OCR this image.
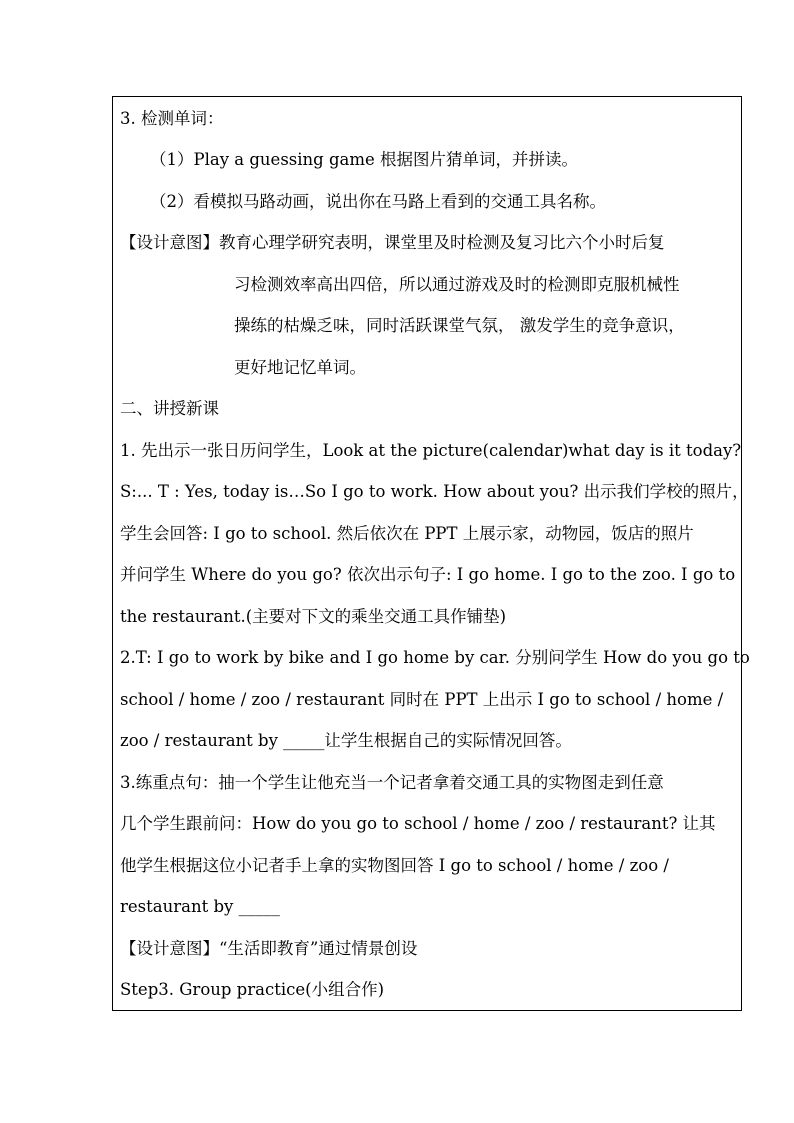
3. 检测单词：
（1）Play a guessing game 根据图片猜单词，并拼读。
（2）看模拟马路动画，说出你在马路上看到的交通工具名称。
【设计意图】教育心理学研究表明，课堂里及时检测及复习比六个小时后复
习检测效率高出四倍，所以通过游戏及时的检测即克服机械性
操练的枯燥乏味，同时活跃课堂气氛， 激发学生的竞争意识，
更好地记忆单词。
二、讲授新课
1. 先出示一张日历问学生，Look at the picture(calendar)what day is it today?
S:... T : Yes, today is…So I go to work. How about you? 出示我们学校的照片，
学生会回答: I go to school. 然后依次在 PPT 上展示家，动物园，饭店的照片
并问学生 Where do you go? 依次出示句子: I go home. I go to the zoo. I go to
the restaurant.(主要对下文的乘坐交通工具作铺垫)
2.T: I go to work by bike and I go home by car. 分别问学生 How do you go to
school / home / zoo / restaurant 同时在 PPT 上出示 I go to school / home /
zoo / restaurant by _____让学生根据自己的实际情况回答。
3.练重点句：抽一个学生让他充当一个记者拿着交通工具的实物图走到任意
几个学生跟前问：How do you go to school / home / zoo / restaurant? 让其
他学生根据这位小记者手上拿的实物图回答 I go to school / home / zoo /
restaurant by _____
【设计意图】“生活即教育”通过情景创设
Step3. Group practice(小组合作)
